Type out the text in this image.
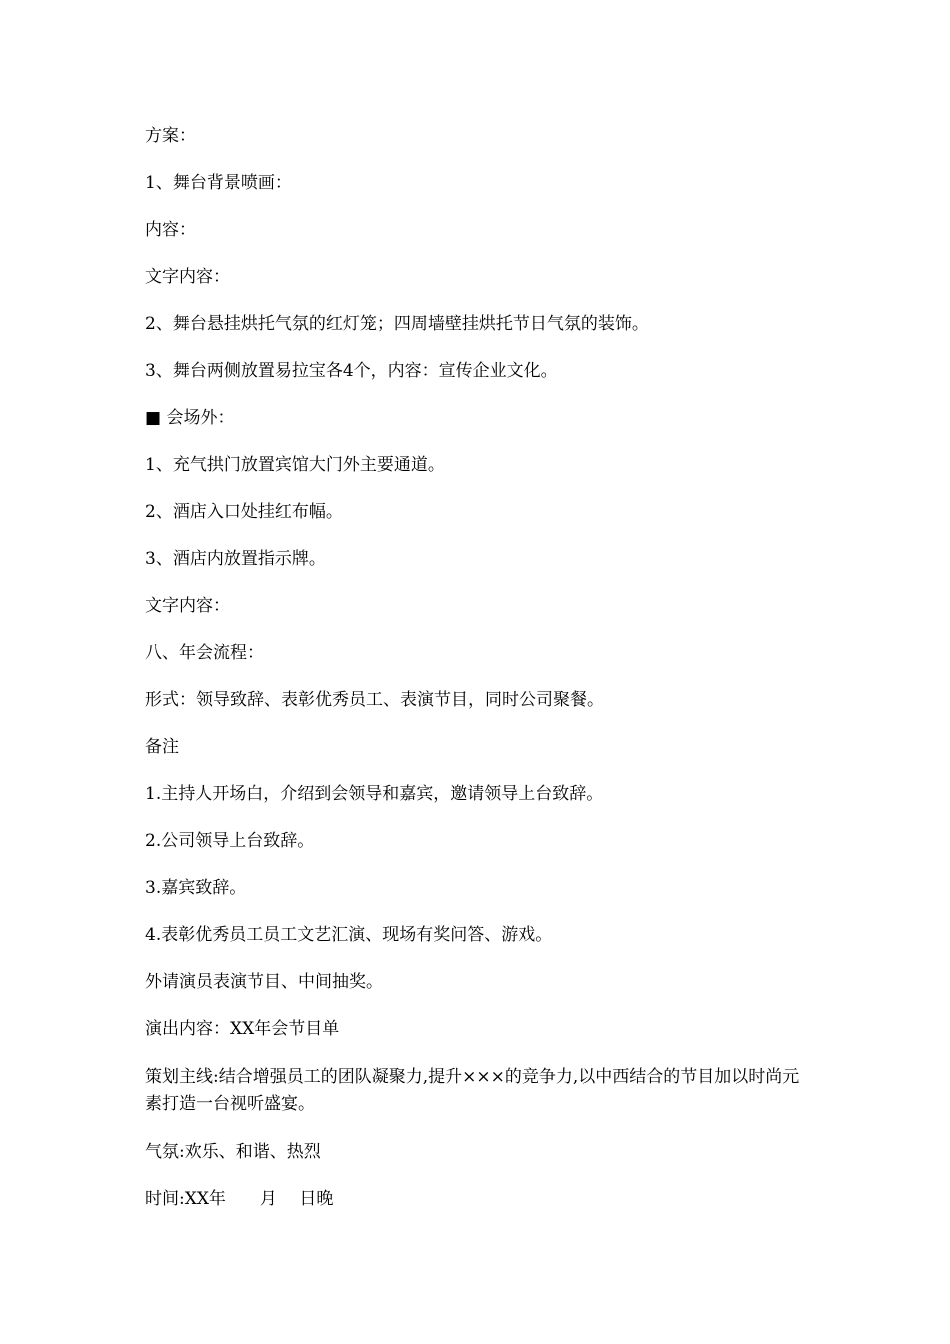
方案：

1、舞台背景喷画：

内容：

文字内容：

2、舞台悬挂烘托气氛的红灯笼；四周墙壁挂烘托节日气氛的装饰。

3、舞台两侧放置易拉宝各4个，内容：宣传企业文化。

■ 会场外：

1、充气拱门放置宾馆大门外主要通道。

2、酒店入口处挂红布幅。

3、酒店内放置指示牌。

文字内容：

八、年会流程：

形式：领导致辞、表彰优秀员工、表演节目，同时公司聚餐。

备注

1.主持人开场白，介绍到会领导和嘉宾，邀请领导上台致辞。

2.公司领导上台致辞。

3.嘉宾致辞。

4.表彰优秀员工员工文艺汇演、现场有奖问答、游戏。

外请演员表演节目、中间抽奖。

演出内容：XX年会节目单

策划主线:结合增强员工的团队凝聚力,提升×××的竞争力,以中西结合的节目加以时尚元素打造一台视听盛宴。

气氛:欢乐、和谐、热烈

时间:XX年　　月　 日晚
